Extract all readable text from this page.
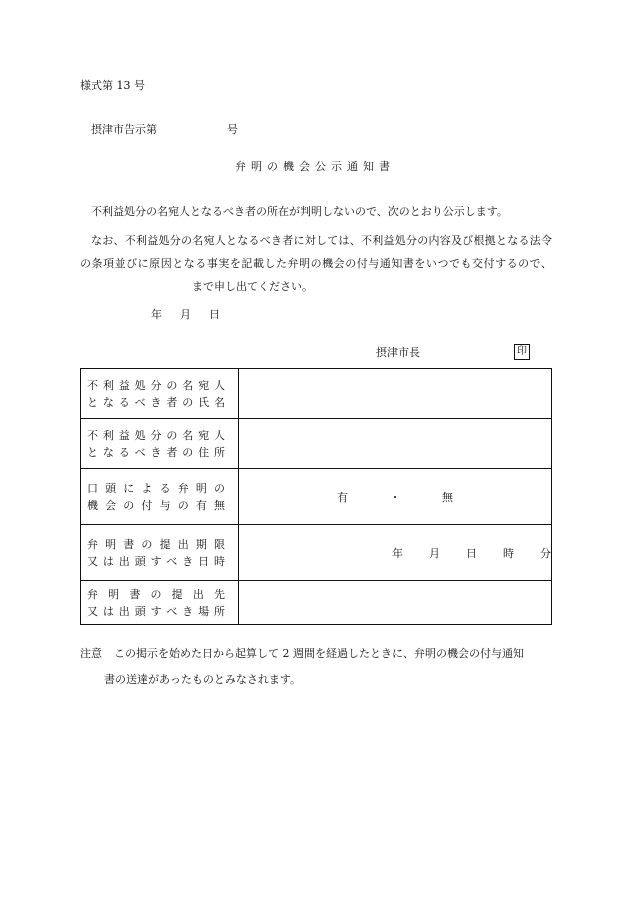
様式第 13 号
摂津市告示第	号
弁明の機会公示通知書
不利益処分の名宛人となるべき者の所在が判明しないので、次のとおり公示します。
なお、不利益処分の名宛人となるべき者に対しては、不利益処分の内容及び根拠となる法令の条項並びに原因となる事実を記載した弁明の機会の付与通知書をいつでも交付するので、まで申し出てください。
年 月 日
摂津市長	印
不利益処分の名宛人
となるべき者の氏名	

不利益処分の名宛人
となるべき者の住所	

口頭による弁明の
機会の付与の有無	有 ・ 無

弁明書の提出期限
又は出頭すべき日時	年 月 日 時 分

弁明書の提出先
又は出頭すべき場所	

注意	この掲示を始めた日から起算して 2 週間を経過したときに、弁明の機会の付与通知
書の送達があったものとみなされます。
